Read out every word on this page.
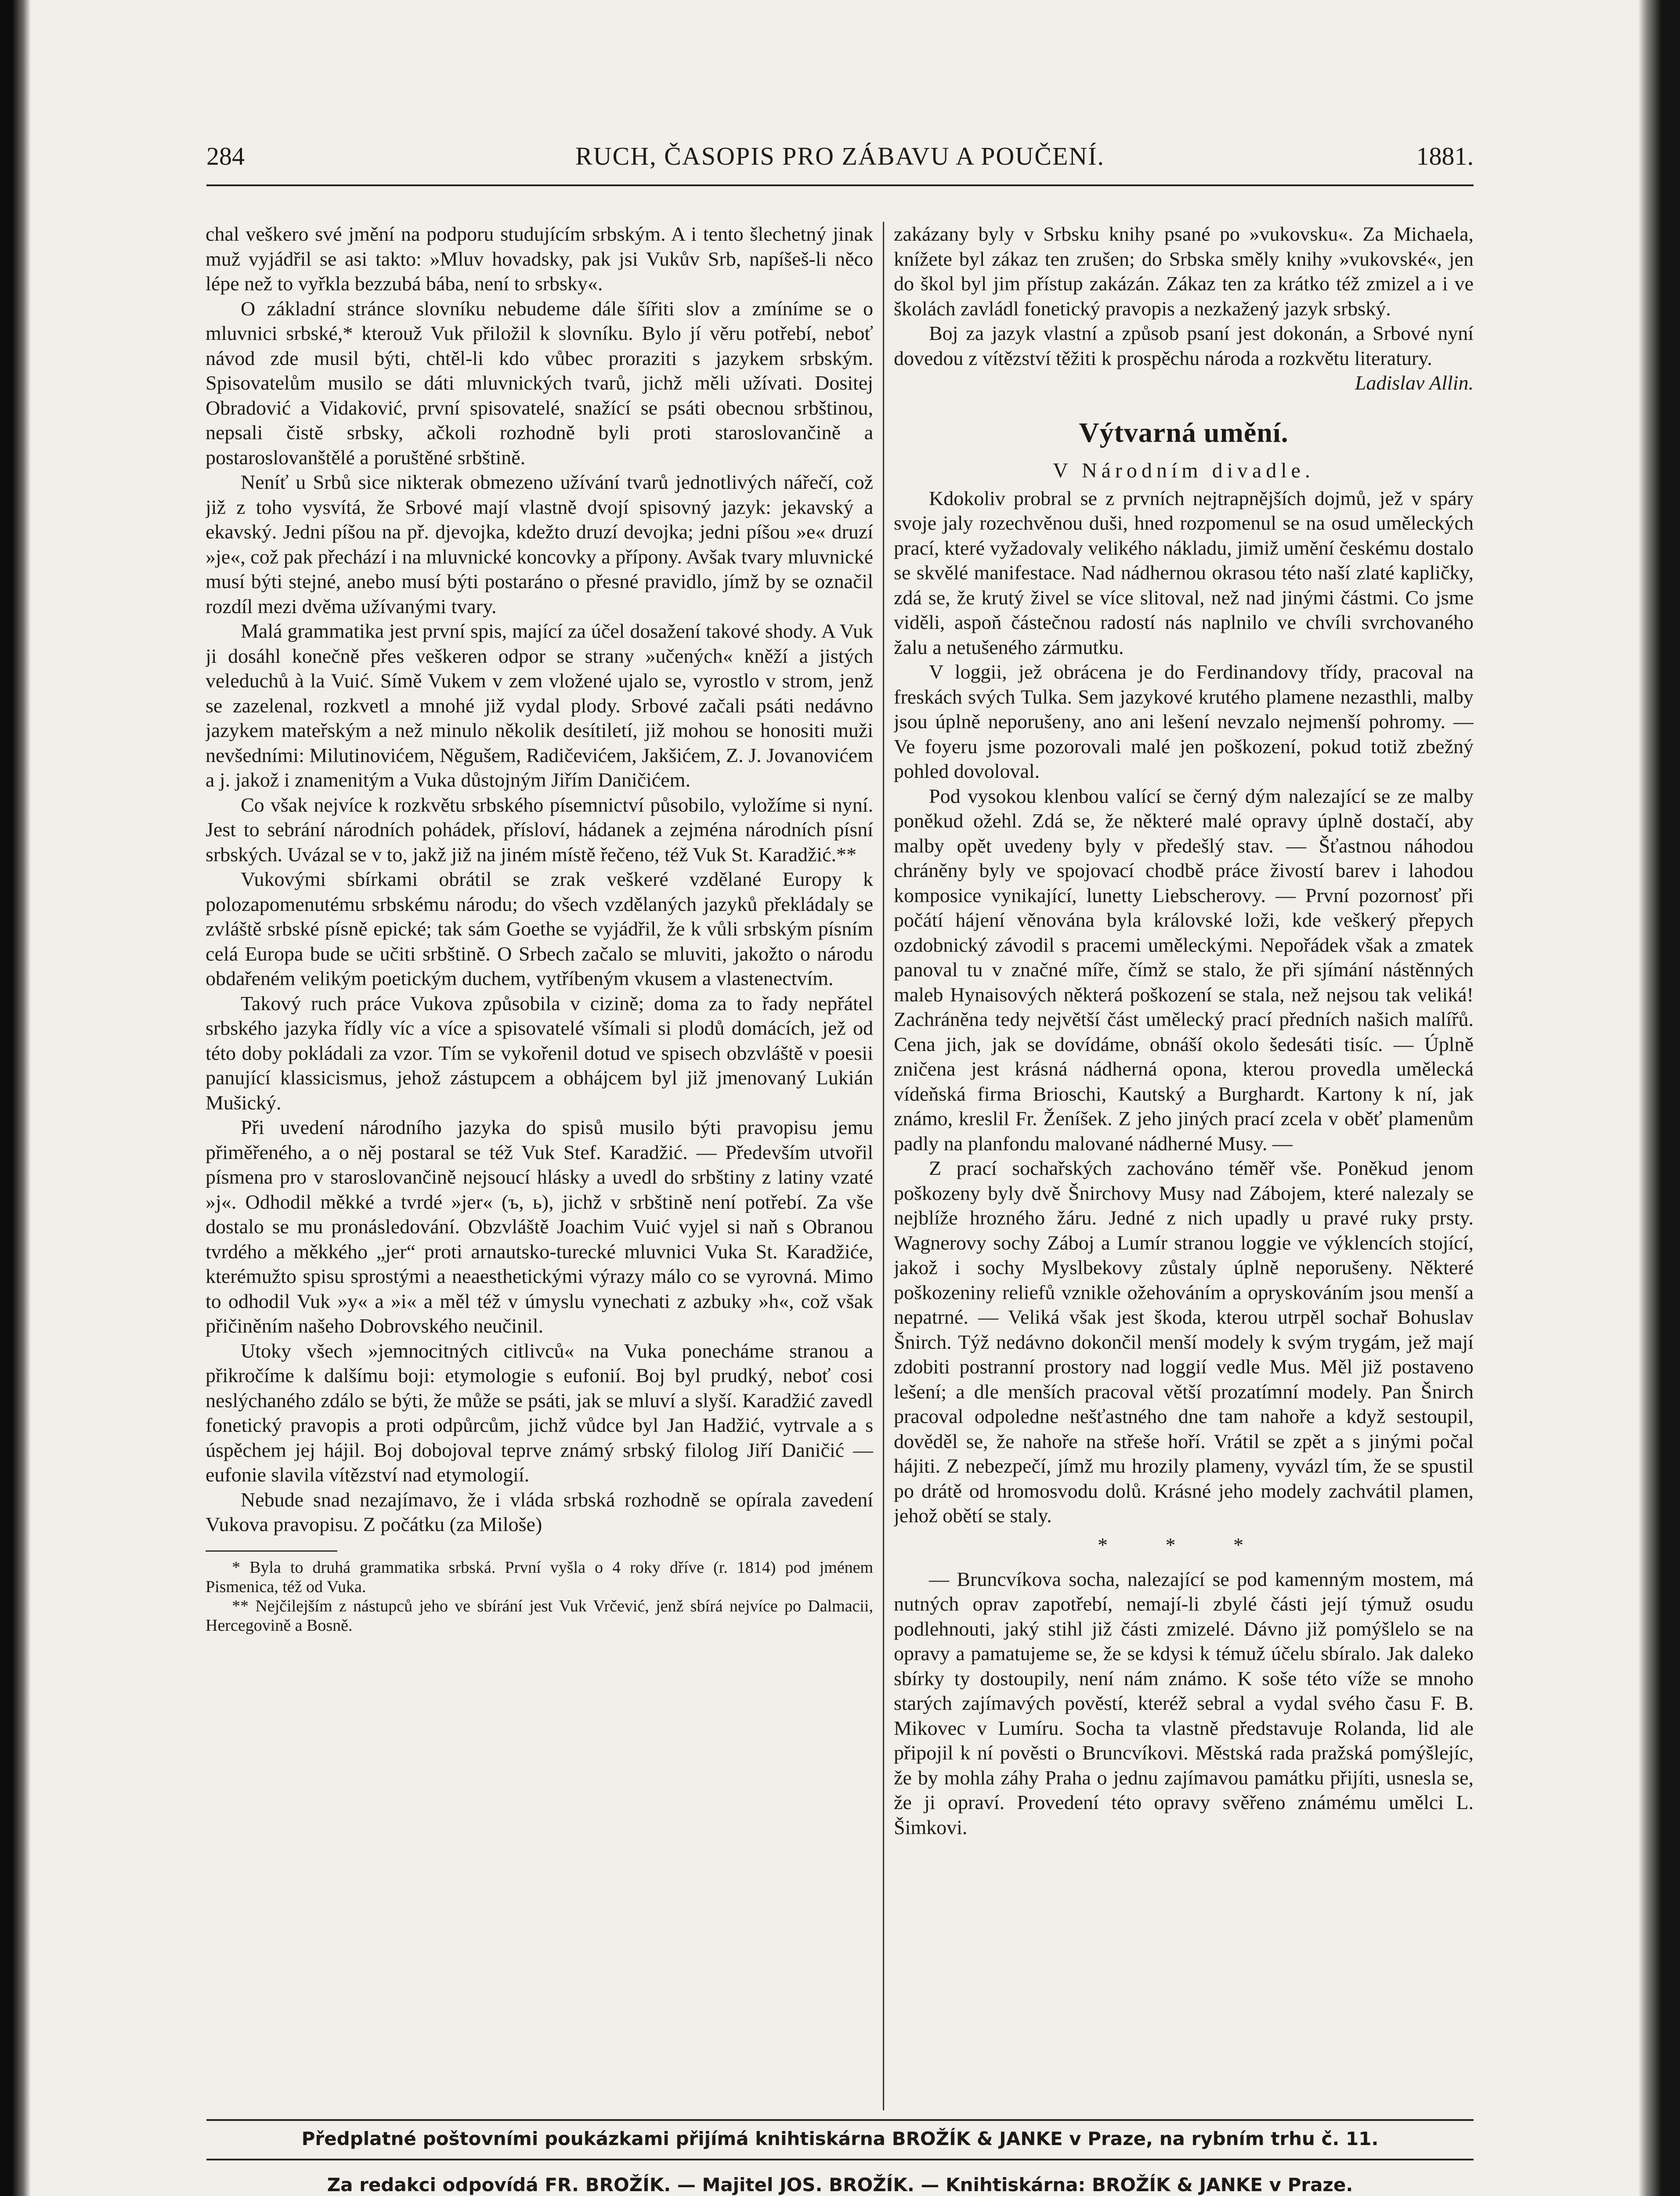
284	RUCH, ČASOPIS PRO ZÁBAVU A POUČENÍ.	1881.

chal veškero své jmění na podporu studujícím srbským. A i tento šlechetný jinak muž vyjádřil se asi takto: »Mluv hovadsky, pak jsi Vukův Srb, napíšeš-li něco lépe než to vyřkla bezzubá bába, není to srbsky«.

O základní stránce slovníku nebudeme dále šířiti slov a zmíníme se o mluvnici srbské,* kterouž Vuk přiložil k slovníku. Bylo jí věru potřebí, neboť návod zde musil býti, chtěl-li kdo vůbec proraziti s jazykem srbským. Spisovatelům musilo se dáti mluvnických tvarů, jichž měli užívati. Dositej Obradović a Vidaković, první spisovatelé, snažící se psáti obecnou srbštinou, nepsali čistě srbsky, ačkoli rozhodně byli proti staroslovančině a postaroslovanštělé a poruštěné srbštině.

Neníť u Srbů sice nikterak obmezeno užívání tvarů jednotlivých nářečí, což již z toho vysvítá, že Srbové mají vlastně dvojí spisovný jazyk: jekavský a ekavský. Jedni píšou na př. djevojka, kdežto druzí devojka; jedni píšou »e« druzí »je«, což pak přechází i na mluvnické koncovky a přípony. Avšak tvary mluvnické musí býti stejné, anebo musí býti postaráno o přesné pravidlo, jímž by se označil rozdíl mezi dvěma užívanými tvary.

Malá grammatika jest první spis, mající za účel dosažení takové shody. A Vuk ji dosáhl konečně přes veškeren odpor se strany »učených« kněží a jistých veleduchů à la Vuić. Símě Vukem v zem vložené ujalo se, vyrostlo v strom, jenž se zazelenal, rozkvetl a mnohé již vydal plody. Srbové začali psáti nedávno jazykem mateřským a než minulo několik desítiletí, již mohou se honositi muži nevšedními: Milutinovićem, Něgušem, Radičevićem, Jakšićem, Z. J. Jovanovićem a j. jakož i znamenitým a Vuka důstojným Jiřím Daničićem.

Co však nejvíce k rozkvětu srbského písemnictví působilo, vyložíme si nyní. Jest to sebrání národních pohádek, přísloví, hádanek a zejména národních písní srbských. Uvázal se v to, jakž již na jiném místě řečeno, též Vuk St. Karadžić.**

Vukovými sbírkami obrátil se zrak veškeré vzdělané Europy k polozapomenutému srbskému národu; do všech vzdělaných jazyků překládaly se zvláště srbské písně epické; tak sám Goethe se vyjádřil, že k vůli srbským písním celá Europa bude se učiti srbštině. O Srbech začalo se mluviti, jakožto o národu obdařeném velikým poetickým duchem, vytříbeným vkusem a vlastenectvím.

Takový ruch práce Vukova způsobila v cizině; doma za to řady nepřátel srbského jazyka řídly víc a více a spisovatelé všímali si plodů domácích, jež od této doby pokládali za vzor. Tím se vykořenil dotud ve spisech obzvláště v poesii panující klassicismus, jehož zástupcem a obhájcem byl již jmenovaný Lukián Mušický.

Při uvedení národního jazyka do spisů musilo býti pravopisu jemu přiměřeného, a o něj postaral se též Vuk Stef. Karadžić. — Především utvořil písmena pro v staroslovančině nejsoucí hlásky a uvedl do srbštiny z latiny vzaté »j«. Odhodil měkké a tvrdé »jer« (ъ, ь), jichž v srbštině není potřebí. Za vše dostalo se mu pronásledování. Obzvláště Joachim Vuić vyjel si naň s Obranou tvrdého a měkkého „jer“ proti arnautsko-turecké mluvnici Vuka St. Karadžiće, kterémužto spisu sprostými a neaesthetickými výrazy málo co se vyrovná. Mimo to odhodil Vuk »y« a »i« a měl též v úmyslu vynechati z azbuky »h«, což však přičiněním našeho Dobrovského neučinil.

Utoky všech »jemnocitných citlivců« na Vuka ponecháme stranou a přikročíme k dalšímu boji: etymologie s eufonií. Boj byl prudký, neboť cosi neslýchaného zdálo se býti, že může se psáti, jak se mluví a slyší. Karadžić zavedl fonetický pravopis a proti odpůrcům, jichž vůdce byl Jan Hadžić, vytrvale a s úspěchem jej hájil. Boj dobojoval teprve známý srbský filolog Jiří Daničić — eufonie slavila vítězství nad etymologií.

Nebude snad nezajímavo, že i vláda srbská rozhodně se opírala zavedení Vukova pravopisu. Z počátku (za Miloše)

* Byla to druhá grammatika srbská. První vyšla o 4 roky dříve (r. 1814) pod jménem Pismenica, též od Vuka.

** Nejčilejším z nástupců jeho ve sbírání jest Vuk Vrčević, jenž sbírá nejvíce po Dalmacii, Hercegovině a Bosně.

zakázany byly v Srbsku knihy psané po »vukovsku«. Za Michaela, knížete byl zákaz ten zrušen; do Srbska směly knihy »vukovské«, jen do škol byl jim přístup zakázán. Zákaz ten za krátko též zmizel a i ve školách zavládl fonetický pravopis a nezkažený jazyk srbský.

Boj za jazyk vlastní a způsob psaní jest dokonán, a Srbové nyní dovedou z vítězství těžiti k prospěchu národa a rozkvětu literatury.

Ladislav Allin.
Výtvarná umění.
V Národním divadle.

Kdokoliv probral se z prvních nejtrapnějších dojmů, jež v spáry svoje jaly rozechvěnou duši, hned rozpomenul se na osud uměleckých prací, které vyžadovaly velikého nákladu, jimiž umění českému dostalo se skvělé manifestace. Nad nádhernou okrasou této naší zlaté kapličky, zdá se, že krutý živel se více slitoval, než nad jinými částmi. Co jsme viděli, aspoň částečnou radostí nás naplnilo ve chvíli svrchovaného žalu a netušeného zármutku.

V loggii, jež obrácena je do Ferdinandovy třídy, pracoval na freskách svých Tulka. Sem jazykové krutého plamene nezasthli, malby jsou úplně neporušeny, ano ani lešení nevzalo nejmenší pohromy. — Ve foyeru jsme pozorovali malé jen poškození, pokud totiž zbežný pohled dovoloval.

Pod vysokou klenbou valící se černý dým nalezající se ze malby poněkud ožehl. Zdá se, že některé malé opravy úplně dostačí, aby malby opět uvedeny byly v předešlý stav. — Šťastnou náhodou chráněny byly ve spojovací chodbě práce živostí barev i lahodou komposice vynikající, lunetty Liebscherovy. — První pozornosť při počátí hájení věnována byla královské loži, kde veškerý přepych ozdobnický závodil s pracemi uměleckými. Nepořádek však a zmatek panoval tu v značné míře, čímž se stalo, že při sjímání nástěnných maleb Hynaisových některá poškození se stala, než nejsou tak veliká! Zachráněna tedy největší část umělecký prací předních našich malířů. Cena jich, jak se dovídáme, obnáší okolo šedesáti tisíc. — Úplně zničena jest krásná nádherná opona, kterou provedla umělecká vídeňská firma Brioschi, Kautský a Burghardt. Kartony k ní, jak známo, kreslil Fr. Ženíšek. Z jeho jiných prací zcela v oběť plamenům padly na planfondu malované nádherné Musy. —

Z prací sochařských zachováno téměř vše. Poněkud jenom poškozeny byly dvě Šnirchovy Musy nad Zábojem, které nalezaly se nejblíže hrozného žáru. Jedné z nich upadly u pravé ruky prsty. Wagnerovy sochy Záboj a Lumír stranou loggie ve výklencích stojící, jakož i sochy Myslbekovy zůstaly úplně neporušeny. Některé poškozeniny reliefů vznikle ožehováním a opryskováním jsou menší a nepatrné. — Veliká však jest škoda, kterou utrpěl sochař Bohuslav Šnirch. Týž nedávno dokončil menší modely k svým trygám, jež mají zdobiti postranní prostory nad loggií vedle Mus. Měl již postaveno lešení; a dle menších pracoval větší prozatímní modely. Pan Šnirch pracoval odpoledne nešťastného dne tam nahoře a když sestoupil, dověděl se, že nahoře na střeše hoří. Vrátil se zpět a s jinými počal hájiti. Z nebezpečí, jímž mu hrozily plameny, vyvázl tím, že se spustil po drátě od hromosvodu dolů. Krásné jeho modely zachvátil plamen, jehož obětí se staly.

* * *

— Bruncvíkova socha, nalezající se pod kamenným mostem, má nutných oprav zapotřebí, nemají-li zbylé části její týmuž osudu podlehnouti, jaký stihl již části zmizelé. Dávno již pomýšlelo se na opravy a pamatujeme se, že se kdysi k témuž účelu sbíralo. Jak daleko sbírky ty dostoupily, není nám známo. K soše této víže se mnoho starých zajímavých pověstí, kteréž sebral a vydal svého času F. B. Mikovec v Lumíru. Socha ta vlastně představuje Rolanda, lid ale připojil k ní pověsti o Bruncvíkovi. Městská rada pražská pomýšlejíc, že by mohla záhy Praha o jednu zajímavou památku přijíti, usnesla se, že ji opraví. Provedení této opravy svěřeno známému umělci L. Šimkovi.

Předplatné poštovními poukázkami přijímá knihtiskárna BROŽÍK & JANKE v Praze, na rybním trhu č. 11.
Za redakci odpovídá FR. BROŽÍK. — Majitel JOS. BROŽÍK. — Knihtiskárna: BROŽÍK & JANKE v Praze.
